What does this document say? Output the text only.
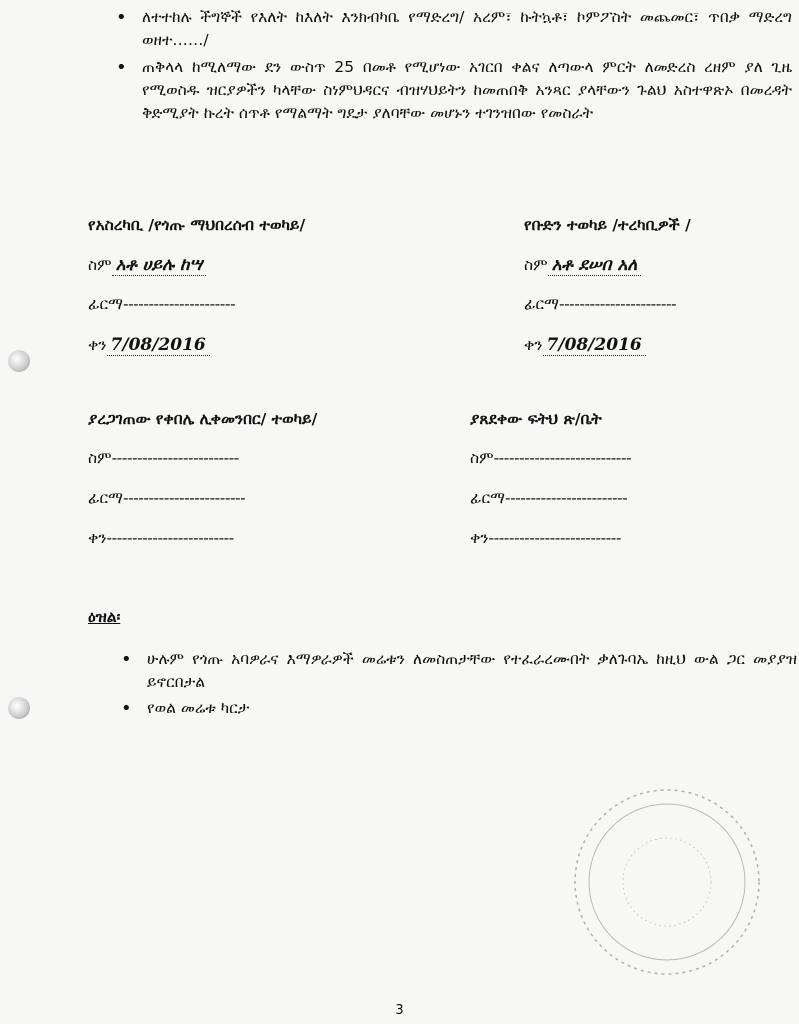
• ለተተከሉ ችግኞች የእለት ከእለት እንክብካቤ የማድረግ/ አረም፣ ኩትኳቶ፣ ኮምፖስት መጨመር፣ ጥበቃ ማድረግ ወዘተ……/
• ጠቅላላ ከሚለማው ደን ውስጥ 25 በመቶ የሚሆነው አገርበ ቀልና ለጣውላ ምርት ለመድረስ ረዘም ያለ ጊዜ የሚወስዱ ዝርያዎችን ካላቸው ስነምህዳርና ብዝሃህይትን ከመጠበቅ አንጻር ያላቸውን ጉልህ አስተዋጽኦ በመረዳት ቅድሚያት ኩረት ሰጥቶ የማልማት ግዴታ ያለባቸው መሆኑን ተገንዝበው የመስራት
የአስረካቢ /የጎጡ ማህበረሰብ ተወካይ/
ስም አቶ ሀይሉ ከሣ
ፊርማ----------------------
ቀን 7/08/2016
የቡድን ተወካይ /ተረካቢዎች /
ስም አቶ ደሠበ አለ
ፊርማ-----------------------
ቀን 7/08/2016
ያረጋገጠው የቀበሌ ሊቀመንበር/ ተወካይ/
ስም-------------------------
ፊርማ------------------------
ቀን-------------------------
ያጸደቀው ፍትህ ጽ/ቤት
ስም---------------------------
ፊርማ------------------------
ቀን--------------------------
ዕዝል፡
• ሁሉም የጎጡ አባዎራና እማዎራዎች መሬቱን ለመስጠታቸው የተፈራረሙበት ቃለጉባኤ ከዚህ ውል ጋር መያያዝ ይኖርበታል
• የወል መሬቱ ካርታ
3
